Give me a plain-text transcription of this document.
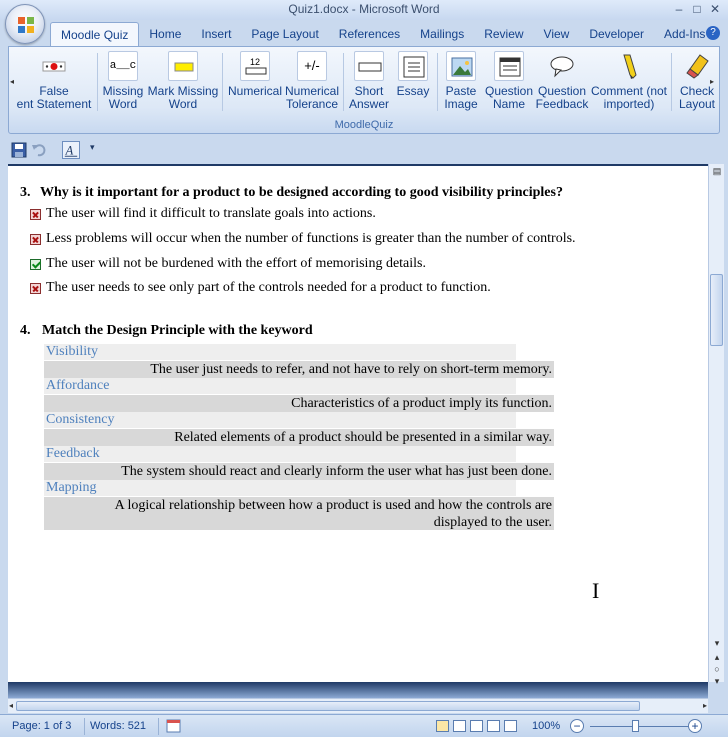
Quiz1.docx - Microsoft Word	– □ ✕
Moodle Quiz	Home	Insert	Page Layout	References	Mailings	Review	View	Developer	Add-Ins ?
◂	▸
False
ent Statement
a__c
Missing
Word
Mark Missing
Word
12
Numerical
+/-
Numerical
Tolerance
Short
Answer
Essay	Paste
Image
Question
Name
Question
Feedback
Comment (not
imported)
Check
Layout
MoodleQuiz
A ▾
3. Why is it important for a product to be designed according to good visibility principles?
The user will find it difficult to translate goals into actions.
Less problems will occur when the number of functions is greater than the number of controls.
The user will not be burdened with the effort of memorising details.
The user needs to see only part of the controls needed for a product to function.
4. Match the Design Principle with the keyword
Visibility
The user just needs to refer, and not have to rely on short-term memory.
Affordance
Characteristics of a product imply its function.
Consistency
Related elements of a product should be presented in a similar way.
Feedback
The system should react and clearly inform the user what has just been done.
Mapping
A logical relationship between how a product is used and how the controls are
displayed to the user.
I
▤
▾
▴
○
▾
◂	▸
Page: 1 of 3 Words: 521	100% −	+
